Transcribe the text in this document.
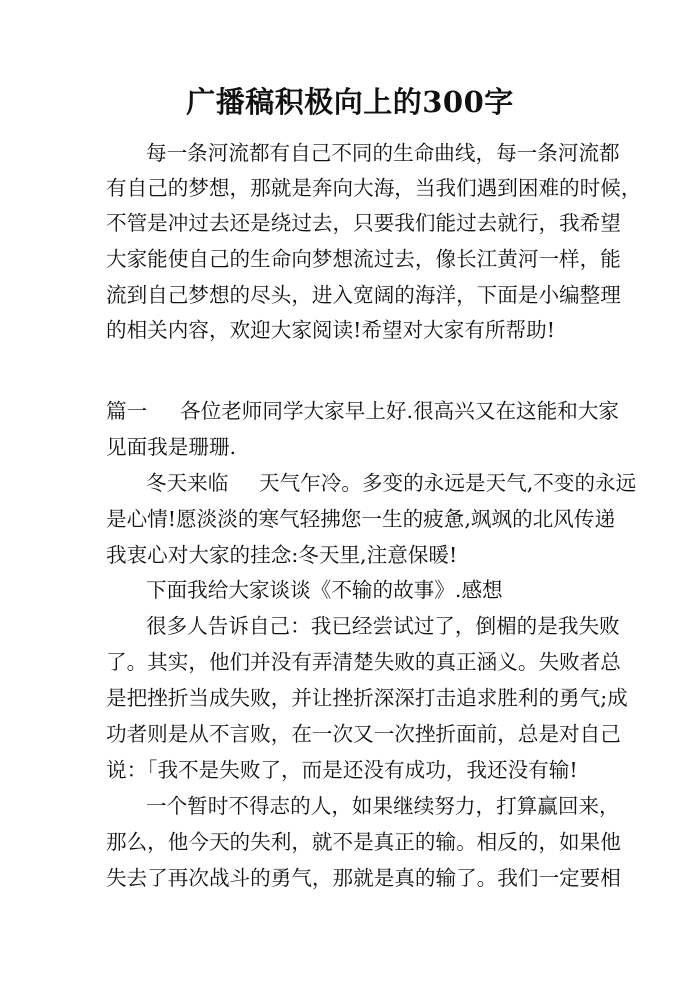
广播稿积极向上的300字
每一条河流都有自己不同的生命曲线，每一条河流都
有自己的梦想，那就是奔向大海，当我们遇到困难的时候，
不管是冲过去还是绕过去，只要我们能过去就行，我希望
大家能使自己的生命向梦想流过去，像长江黄河一样，能
流到自己梦想的尽头，进入宽阔的海洋，下面是小编整理
的相关内容，欢迎大家阅读!希望对大家有所帮助!
篇一	各位老师同学大家早上好.很高兴又在这能和大家
见面我是珊珊.
冬天来临	天气乍冷。多变的永远是天气,不变的永远
是心情!愿淡淡的寒气轻拂您一生的疲惫,飒飒的北风传递
我衷心对大家的挂念:冬天里,注意保暖!
下面我给大家谈谈《不输的故事》.感想
很多人告诉自己：我已经尝试过了，倒楣的是我失败
了。其实，他们并没有弄清楚失败的真正涵义。失败者总
是把挫折当成失败，并让挫折深深打击追求胜利的勇气;成
功者则是从不言败，在一次又一次挫折面前，总是对自己
说：「我不是失败了，而是还没有成功，我还没有输!
一个暂时不得志的人，如果继续努力，打算赢回来，
那么，他今天的失利，就不是真正的输。相反的，如果他
失去了再次战斗的勇气，那就是真的输了。我们一定要相
